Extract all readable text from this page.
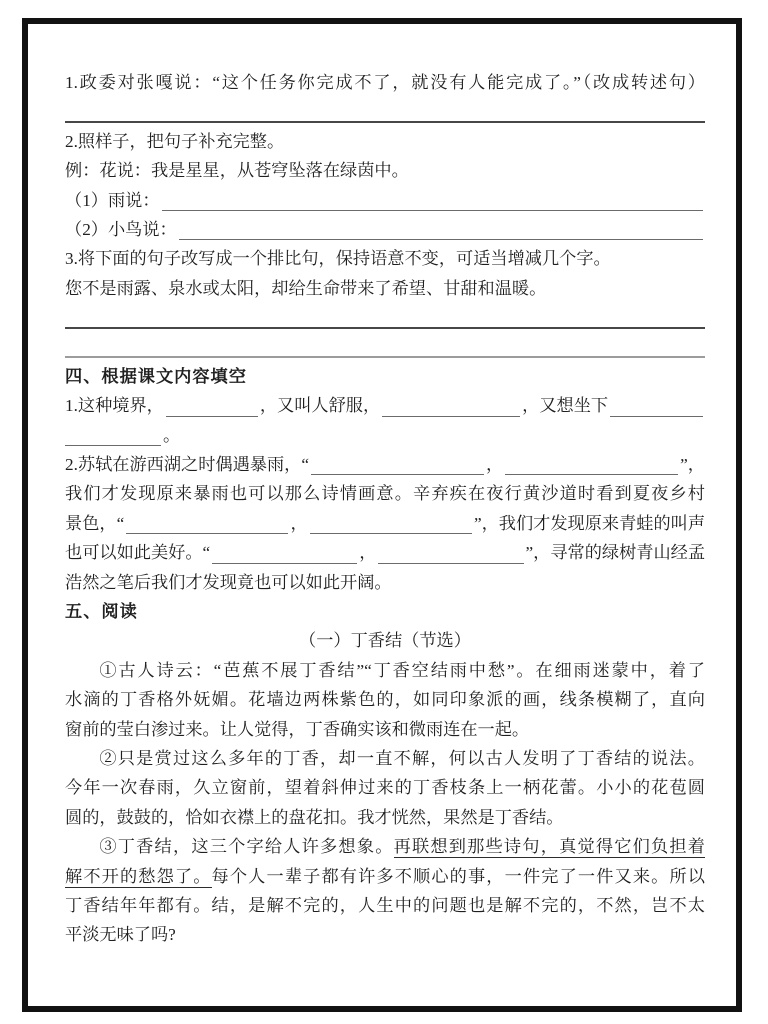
1.政委对张嘎说：“这个任务你完成不了，就没有人能完成了。”（改成转述句）
2.照样子，把句子补充完整。
例：花说：我是星星，从苍穹坠落在绿茵中。
（1）雨说：
（2）小鸟说：
3.将下面的句子改写成一个排比句，保持语意不变，可适当增减几个字。
您不是雨露、泉水或太阳，却给生命带来了希望、甘甜和温暖。
四、根据课文内容填空
1.这种境界，	，又叫人舒服，	，又想坐下
。
2.苏轼在游西湖之时偶遇暴雨，“	，	”，
我们才发现原来暴雨也可以那么诗情画意。辛弃疾在夜行黄沙道时看到夏夜乡村
景色，“	，	”，我们才发现原来青蛙的叫声
也可以如此美好。“	，	”，寻常的绿树青山经孟
浩然之笔后我们才发现竟也可以如此开阔。
五、阅读
（一）丁香结（节选）
①古人诗云：“芭蕉不展丁香结”“丁香空结雨中愁”。在细雨迷蒙中，着了
水滴的丁香格外妩媚。花墙边两株紫色的，如同印象派的画，线条模糊了，直向
窗前的莹白渗过来。让人觉得，丁香确实该和微雨连在一起。
②只是赏过这么多年的丁香，却一直不解，何以古人发明了丁香结的说法。
今年一次春雨，久立窗前，望着斜伸过来的丁香枝条上一柄花蕾。小小的花苞圆
圆的，鼓鼓的，恰如衣襟上的盘花扣。我才恍然，果然是丁香结。
③丁香结，这三个字给人许多想象。再联想到那些诗句，真觉得它们负担着
解不开的愁怨了。每个人一辈子都有许多不顺心的事，一件完了一件又来。所以
丁香结年年都有。结，是解不完的，人生中的问题也是解不完的，不然，岂不太
平淡无味了吗?
